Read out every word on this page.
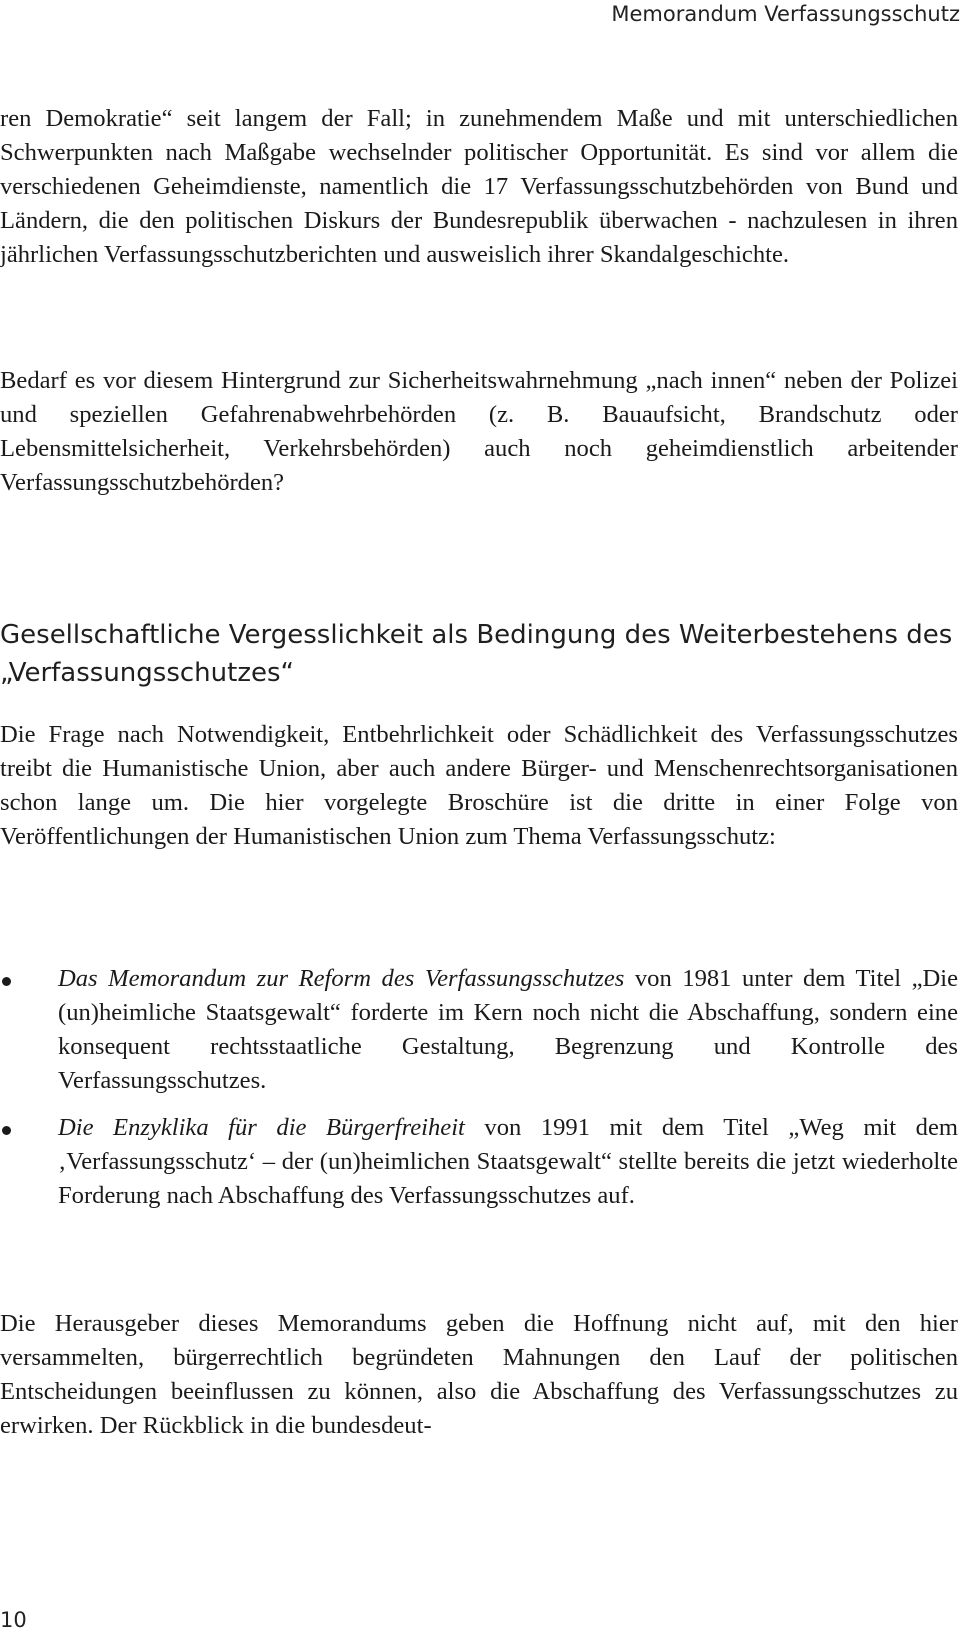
Memorandum Verfassungsschutz

ren Demokratie“ seit langem der Fall; in zunehmendem Maße und mit unterschiedlichen Schwerpunkten nach Maßgabe wechselnder politischer Opportunität. Es sind vor allem die verschiedenen Geheimdienste, namentlich die 17 Verfassungsschutzbehörden von Bund und Ländern, die den politischen Diskurs der Bundesrepublik überwachen - nachzulesen in ihren jährlichen Verfassungsschutzberichten und ausweislich ihrer Skandalgeschichte.

Bedarf es vor diesem Hintergrund zur Sicherheitswahrnehmung „nach innen“ neben der Polizei und speziellen Gefahrenabwehrbehörden (z. B. Bauaufsicht, Brandschutz oder Lebensmittelsicherheit, Verkehrsbehörden) auch noch geheimdienstlich arbeitender Verfassungsschutzbehörden?

Gesellschaftliche Vergesslichkeit als Bedingung des Weiterbestehens des „Verfassungsschutzes“

Die Frage nach Notwendigkeit, Entbehrlichkeit oder Schädlichkeit des Verfassungsschutzes treibt die Humanistische Union, aber auch andere Bürger- und Menschenrechtsorganisationen schon lange um. Die hier vorgelegte Broschüre ist die dritte in einer Folge von Veröffentlichungen der Humanistischen Union zum Thema Verfassungsschutz:

Das Memorandum zur Reform des Verfassungsschutzes von 1981 unter dem Titel „Die (un)heimliche Staatsgewalt“ forderte im Kern noch nicht die Abschaffung, sondern eine konsequent rechtsstaatliche Gestaltung, Begrenzung und Kontrolle des Verfassungsschutzes.
Die Enzyklika für die Bürgerfreiheit von 1991 mit dem Titel „Weg mit dem ‚Verfassungsschutz‘ – der (un)heimlichen Staatsgewalt“ stellte bereits die jetzt wiederholte Forderung nach Abschaffung des Verfassungsschutzes auf.

Die Herausgeber dieses Memorandums geben die Hoffnung nicht auf, mit den hier versammelten, bürgerrechtlich begründeten Mahnungen den Lauf der politischen Entscheidungen beeinflussen zu können, also die Abschaffung des Verfassungsschutzes zu erwirken. Der Rückblick in die bundesdeut-

10
